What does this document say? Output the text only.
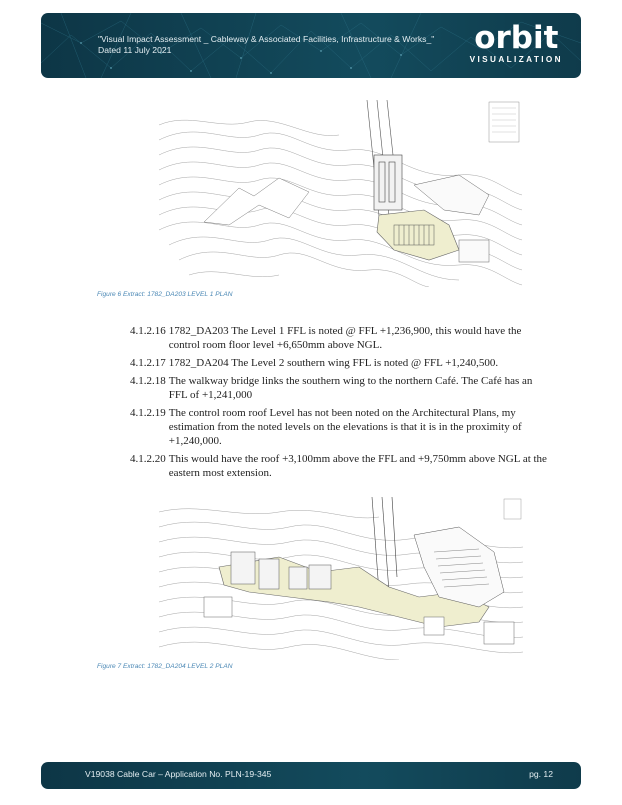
"Visual Impact Assessment _ Cableway & Associated Facilities, Infrastructure & Works_"
Dated 11 July 2021	orbit
VISUALIZATION
Figure 6 Extract: 1782_DA203 LEVEL 1 PLAN
4.1.2.16 1782_DA203 The Level 1 FFL is noted @ FFL +1,236,900, this would have the control room floor level +6,650mm above NGL.
4.1.2.17 1782_DA204 The Level 2 southern wing FFL is noted @ FFL +1,240,500.
4.1.2.18 The walkway bridge links the southern wing to the northern Café. The Café has an FFL of +1,241,000
4.1.2.19 The control room roof Level has not been noted on the Architectural Plans, my estimation from the noted levels on the elevations is that it is in the proximity of +1,240,000.
4.1.2.20 This would have the roof +3,100mm above the FFL and +9,750mm above NGL at the eastern most extension.
Figure 7 Extract: 1782_DA204 LEVEL 2 PLAN
V19038 Cable Car – Application No. PLN-19-345	pg. 12
